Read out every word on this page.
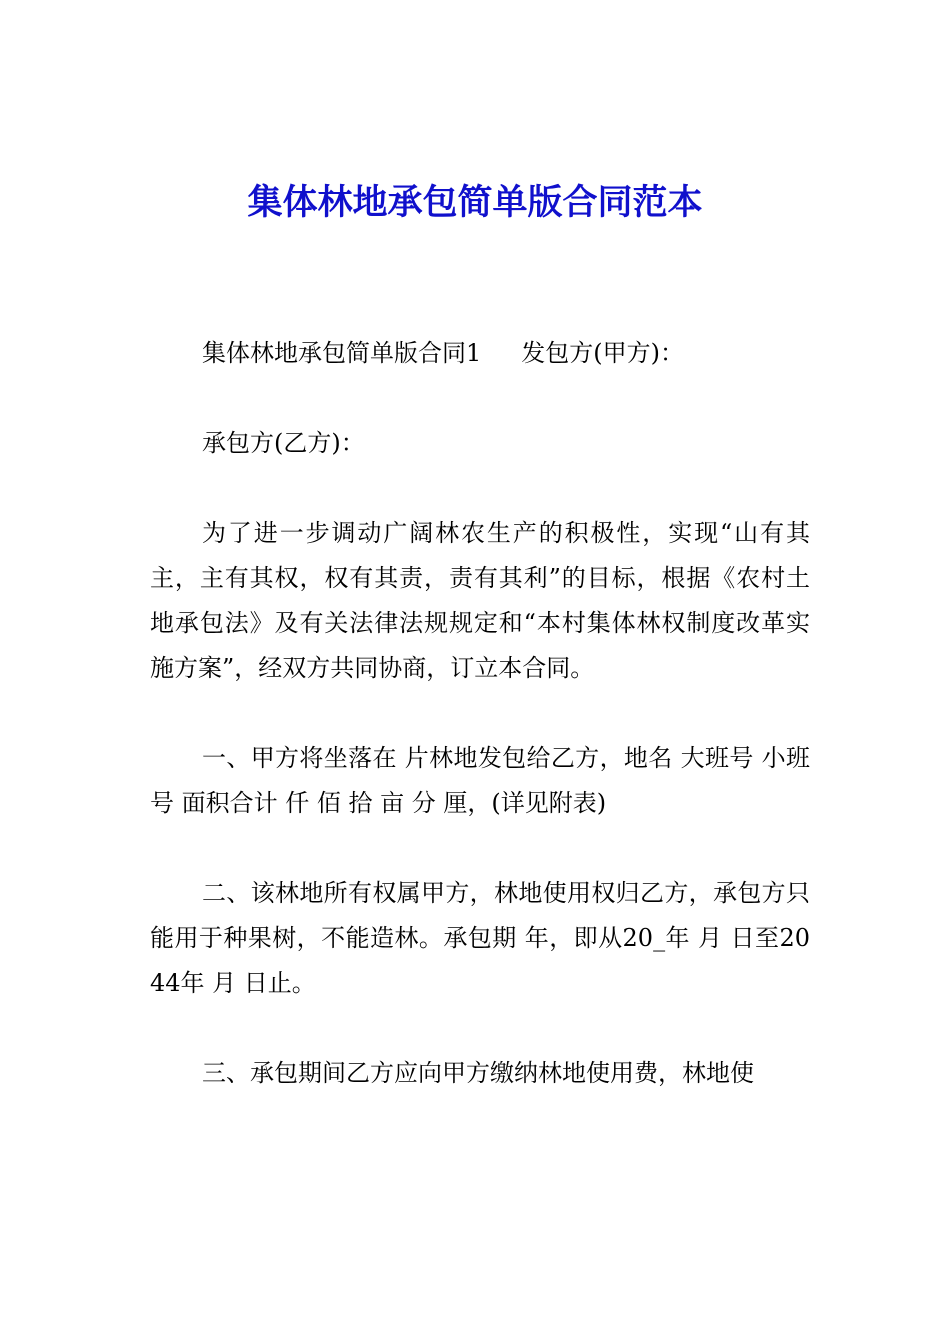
集体林地承包简单版合同范本

集体林地承包简单版合同1 发包方(甲方)：

承包方(乙方)：

为了进一步调动广阔林农生产的积极性，实现“山有其主，主有其权，权有其责，责有其利”的目标，根据《农村土地承包法》及有关法律法规规定和“本村集体林权制度改革实施方案”，经双方共同协商，订立本合同。

一、甲方将坐落在 片林地发包给乙方，地名 大班号 小班号 面积合计 仟 佰 拾 亩 分 厘，(详见附表)

二、该林地所有权属甲方，林地使用权归乙方，承包方只能用于种果树，不能造林。承包期 年，即从20_年 月 日至2044年 月 日止。

三、承包期间乙方应向甲方缴纳林地使用费，林地使
